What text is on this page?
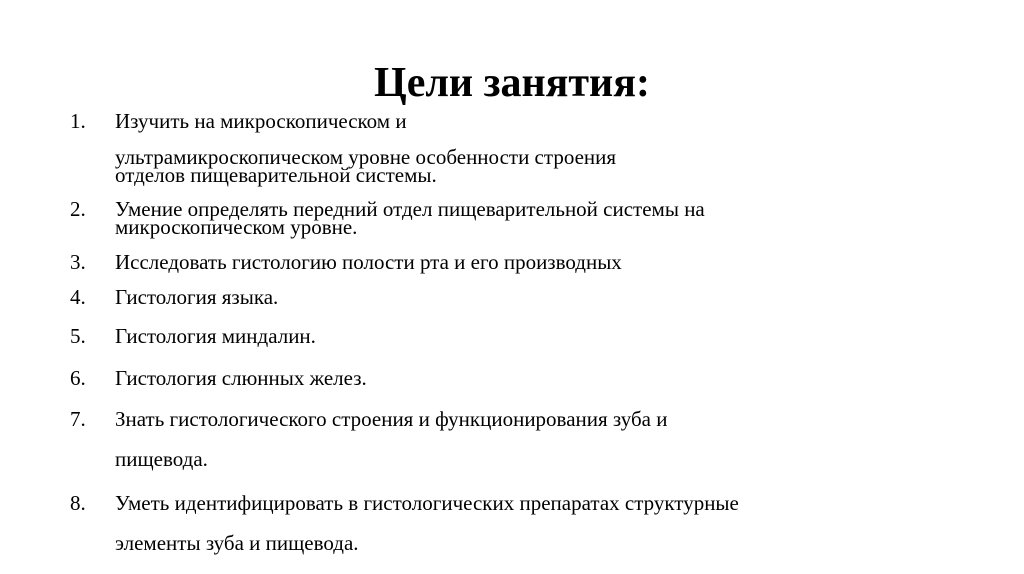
Цели занятия:
1.	Изучить на микроскопическом и
ультрамикроскопическом уровне особенности строения
отделов пищеварительной системы.
2.	Умение определять передний отдел пищеварительной системы на
микроскопическом уровне.
3.	Исследовать гистологию полости рта и его производных
4.	Гистология языка.
5.	Гистология миндалин.
6.	Гистология слюнных желез.
7.	Знать гистологического строения и функционирования зуба и
пищевода.
8.	Уметь идентифицировать в гистологических препаратах структурные
элементы зуба и пищевода.
